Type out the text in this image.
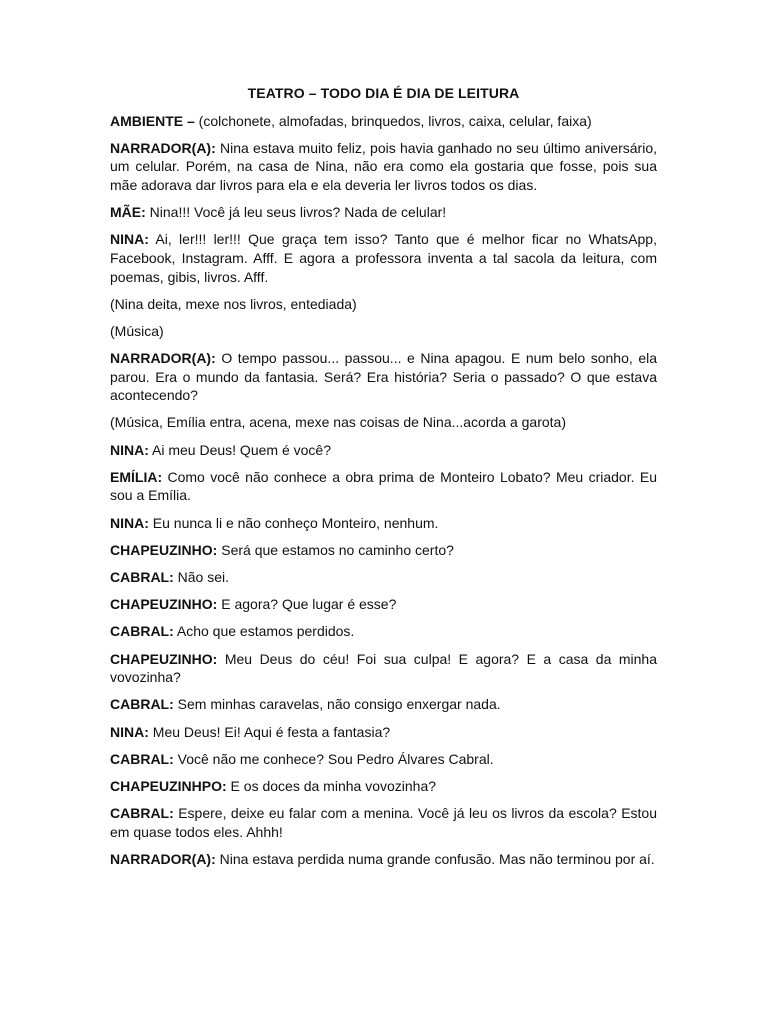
TEATRO – TODO DIA É DIA DE LEITURA

AMBIENTE – (colchonete, almofadas, brinquedos, livros, caixa, celular, faixa)

NARRADOR(A): Nina estava muito feliz, pois havia ganhado no seu último aniversário, um celular. Porém, na casa de Nina, não era como ela gostaria que fosse, pois sua mãe adorava dar livros para ela e ela deveria ler livros todos os dias.

MÃE: Nina!!! Você já leu seus livros? Nada de celular!

NINA: Ai, ler!!! ler!!! Que graça tem isso? Tanto que é melhor ficar no WhatsApp, Facebook, Instagram. Afff. E agora a professora inventa a tal sacola da leitura, com poemas, gibis, livros. Afff.

(Nina deita, mexe nos livros, entediada)

(Música)

NARRADOR(A): O tempo passou... passou... e Nina apagou. E num belo sonho, ela parou. Era o mundo da fantasia. Será? Era história? Seria o passado? O que estava acontecendo?

(Música, Emília entra, acena, mexe nas coisas de Nina...acorda a garota)

NINA: Ai meu Deus! Quem é você?

EMÍLIA: Como você não conhece a obra prima de Monteiro Lobato? Meu criador. Eu sou a Emília.

NINA: Eu nunca li e não conheço Monteiro, nenhum.

CHAPEUZINHO: Será que estamos no caminho certo?

CABRAL: Não sei.

CHAPEUZINHO: E agora? Que lugar é esse?

CABRAL: Acho que estamos perdidos.

CHAPEUZINHO: Meu Deus do céu! Foi sua culpa! E agora? E a casa da minha vovozinha?

CABRAL: Sem minhas caravelas, não consigo enxergar nada.

NINA: Meu Deus! Ei! Aqui é festa a fantasia?

CABRAL: Você não me conhece? Sou Pedro Álvares Cabral.

CHAPEUZINHPO: E os doces da minha vovozinha?

CABRAL: Espere, deixe eu falar com a menina. Você já leu os livros da escola? Estou em quase todos eles. Ahhh!

NARRADOR(A): Nina estava perdida numa grande confusão. Mas não terminou por aí.
